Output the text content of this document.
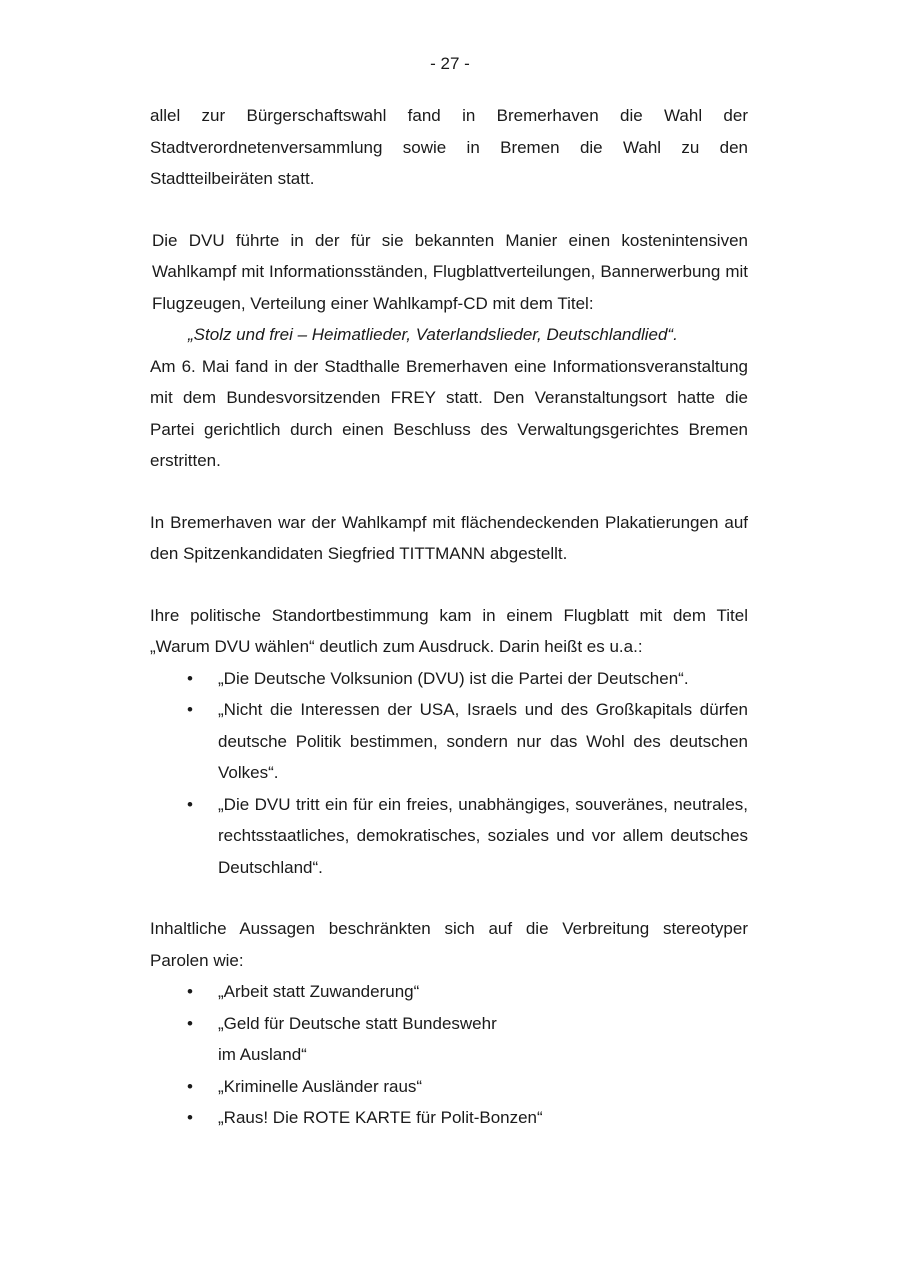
- 27 -

allel zur Bürgerschaftswahl fand in Bremerhaven die Wahl der Stadtverordnetenversammlung sowie in Bremen die Wahl zu den Stadtteilbeiräten statt.

Die DVU führte in der für sie bekannten Manier einen kostenintensiven Wahlkampf mit Informationsständen, Flugblattverteilungen, Bannerwerbung mit Flugzeugen, Verteilung einer Wahlkampf-CD mit dem Titel:

„Stolz und frei – Heimatlieder, Vaterlandslieder, Deutschlandlied“.

Am 6. Mai fand in der Stadthalle Bremerhaven eine Informationsveranstaltung mit dem Bundesvorsitzenden FREY statt. Den Veranstaltungsort hatte die Partei gerichtlich durch einen Beschluss des Verwaltungsgerichtes Bremen erstritten.

In Bremerhaven war der Wahlkampf mit flächendeckenden Plakatierungen auf den Spitzenkandidaten Siegfried TITTMANN abgestellt.

Ihre politische Standortbestimmung kam in einem Flugblatt mit dem Titel „Warum DVU wählen“ deutlich zum Ausdruck. Darin heißt es u.a.:

• „Die Deutsche Volksunion (DVU) ist die Partei der Deutschen“.
• „Nicht die Interessen der USA, Israels und des Großkapitals dürfen deutsche Politik bestimmen, sondern nur das Wohl des deutschen Volkes“.
• „Die DVU tritt ein für ein freies, unabhängiges, souveränes, neutrales, rechtsstaatliches, demokratisches, soziales und vor allem deutsches Deutschland“.

Inhaltliche Aussagen beschränkten sich auf die Verbreitung stereotyper Parolen wie:

• „Arbeit statt Zuwanderung“
• „Geld für Deutsche statt Bundeswehr
im Ausland“
• „Kriminelle Ausländer raus“
• „Raus! Die ROTE KARTE für Polit-Bonzen“
